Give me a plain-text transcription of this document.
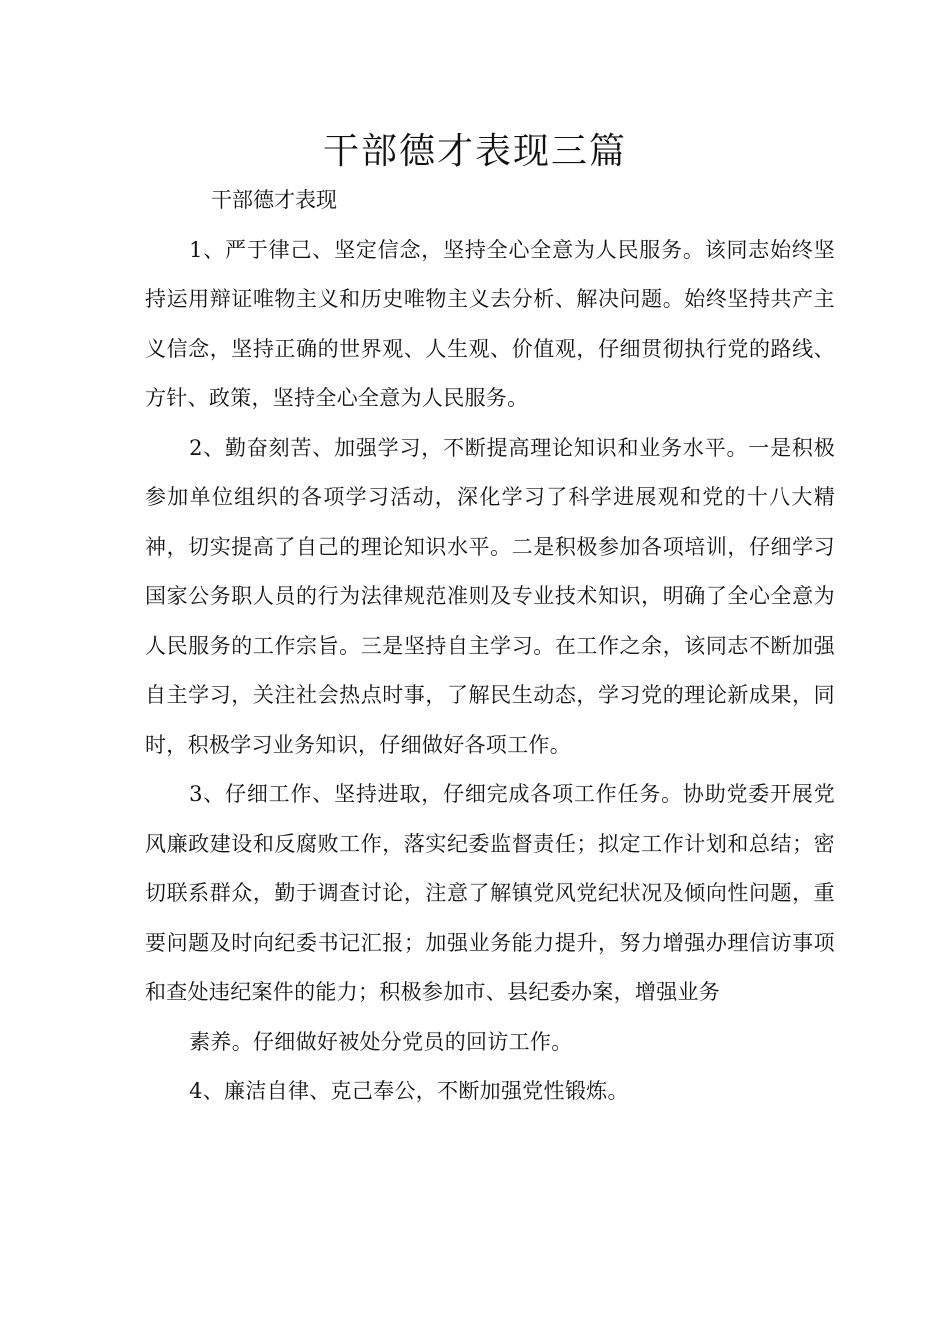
干部德才表现三篇

干部德才表现

1、严于律己、坚定信念，坚持全心全意为人民服务。该同志始终坚持运用辩证唯物主义和历史唯物主义去分析、解决问题。始终坚持共产主义信念，坚持正确的世界观、人生观、价值观，仔细贯彻执行党的路线、方针、政策，坚持全心全意为人民服务。

2、勤奋刻苦、加强学习，不断提高理论知识和业务水平。一是积极参加单位组织的各项学习活动，深化学习了科学进展观和党的十八大精神，切实提高了自己的理论知识水平。二是积极参加各项培训，仔细学习国家公务职人员的行为法律规范准则及专业技术知识，明确了全心全意为人民服务的工作宗旨。三是坚持自主学习。在工作之余，该同志不断加强自主学习，关注社会热点时事，了解民生动态，学习党的理论新成果，同时，积极学习业务知识，仔细做好各项工作。

3、仔细工作、坚持进取，仔细完成各项工作任务。协助党委开展党风廉政建设和反腐败工作，落实纪委监督责任；拟定工作计划和总结；密切联系群众，勤于调查讨论，注意了解镇党风党纪状况及倾向性问题，重要问题及时向纪委书记汇报；加强业务能力提升，努力增强办理信访事项和查处违纪案件的能力；积极参加市、县纪委办案，增强业务

素养。仔细做好被处分党员的回访工作。

4、廉洁自律、克己奉公，不断加强党性锻炼。
